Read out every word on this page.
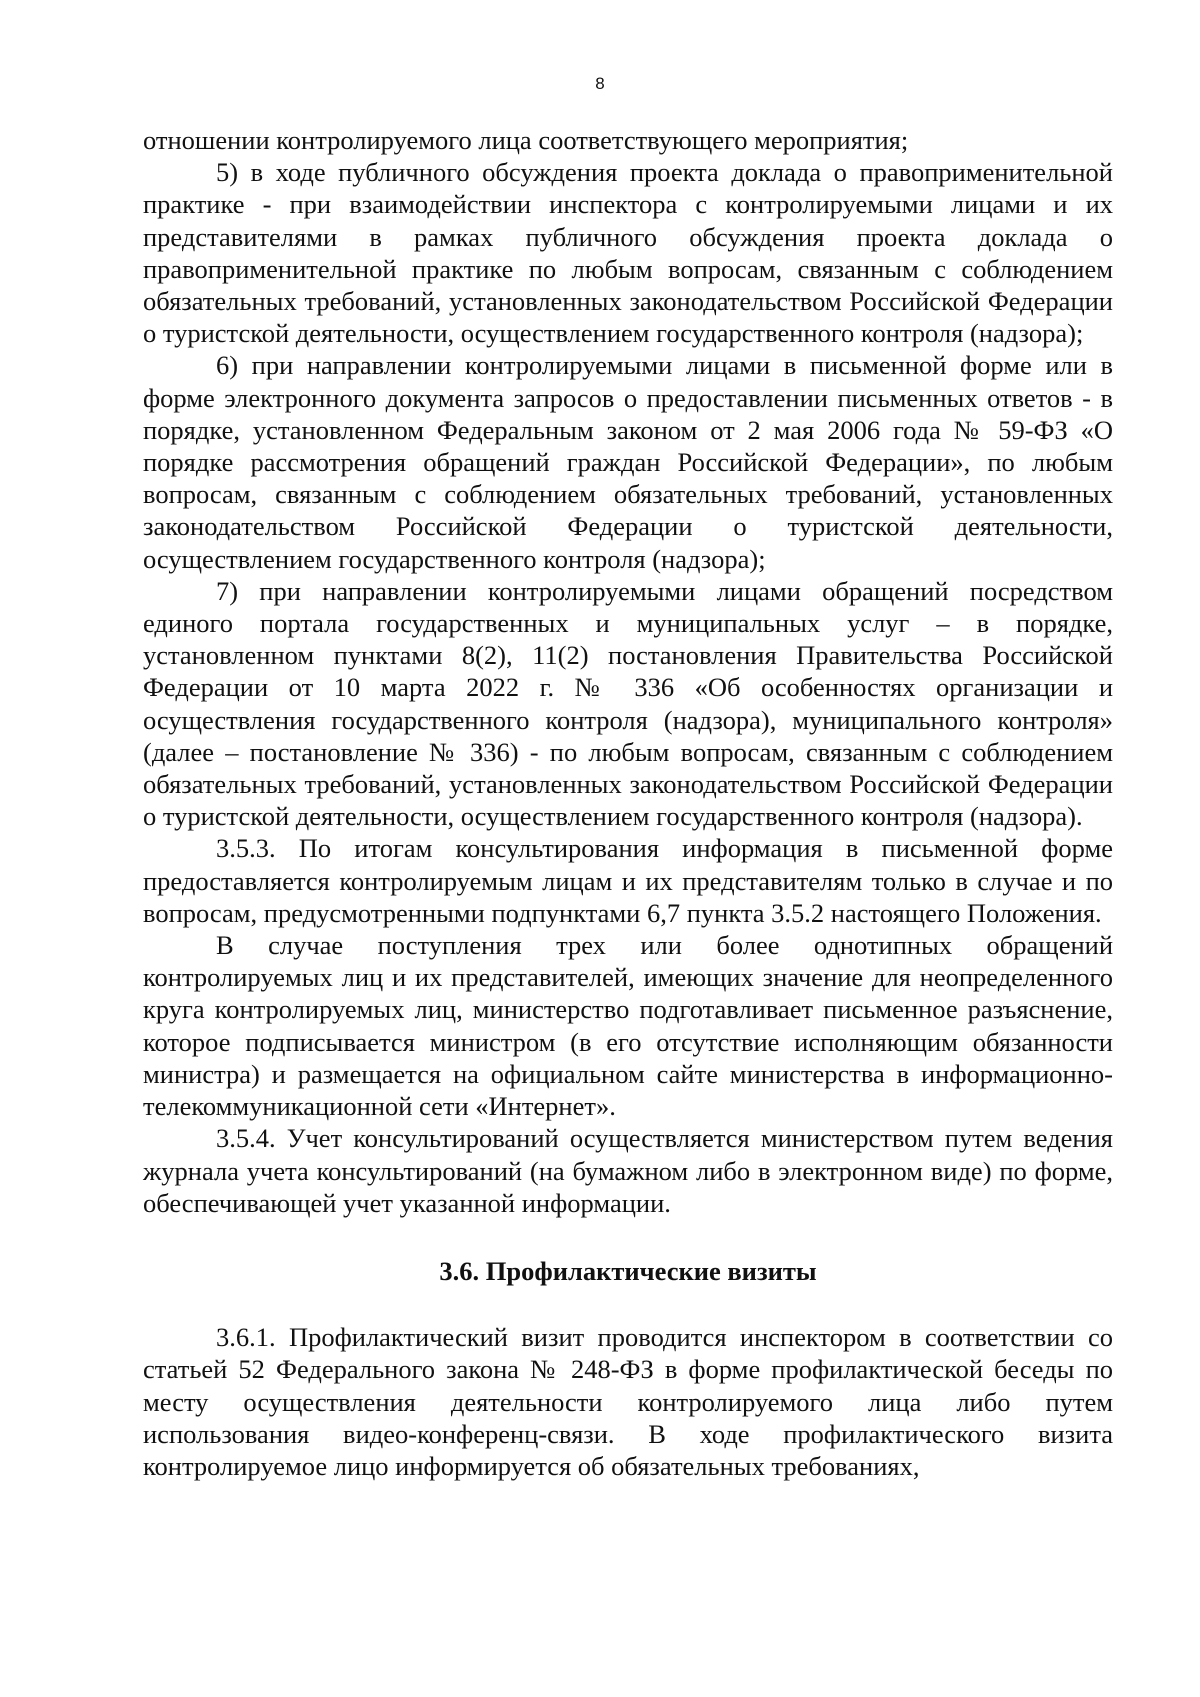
8

отношении контролируемого лица соответствующего мероприятия;

5) в ходе публичного обсуждения проекта доклада о правоприменительной практике - при взаимодействии инспектора с контролируемыми лицами и их представителями в рамках публичного обсуждения проекта доклада о правоприменительной практике по любым вопросам, связанным с соблюдением обязательных требований, установленных законодательством Российской Федерации о туристской деятельности, осуществлением государственного контроля (надзора);

6) при направлении контролируемыми лицами в письменной форме или в форме электронного документа запросов о предоставлении письменных ответов - в порядке, установленном Федеральным законом от 2 мая 2006 года № 59-ФЗ «О порядке рассмотрения обращений граждан Российской Федерации», по любым вопросам, связанным с соблюдением обязательных требований, установленных законодательством Российской Федерации о туристской деятельности, осуществлением государственного контроля (надзора);

7) при направлении контролируемыми лицами обращений посредством единого портала государственных и муниципальных услуг – в порядке, установленном пунктами 8(2), 11(2) постановления Правительства Российской Федерации от 10 марта 2022 г. № 336 «Об особенностях организации и осуществления государственного контроля (надзора), муниципального контроля» (далее – постановление № 336) - по любым вопросам, связанным с соблюдением обязательных требований, установленных законодательством Российской Федерации о туристской деятельности, осуществлением государственного контроля (надзора).

3.5.3. По итогам консультирования информация в письменной форме предоставляется контролируемым лицам и их представителям только в случае и по вопросам, предусмотренными подпунктами 6,7 пункта 3.5.2 настоящего Положения.

В случае поступления трех или более однотипных обращений контролируемых лиц и их представителей, имеющих значение для неопределенного круга контролируемых лиц, министерство подготавливает письменное разъяснение, которое подписывается министром (в его отсутствие исполняющим обязанности министра) и размещается на официальном сайте министерства в информационно-телекоммуникационной сети «Интернет».

3.5.4. Учет консультирований осуществляется министерством путем ведения журнала учета консультирований (на бумажном либо в электронном виде) по форме, обеспечивающей учет указанной информации.

3.6. Профилактические визиты

3.6.1. Профилактический визит проводится инспектором в соответствии со статьей 52 Федерального закона № 248-ФЗ в форме профилактической беседы по месту осуществления деятельности контролируемого лица либо путем использования видео-конференц-связи. В ходе профилактического визита контролируемое лицо информируется об обязательных требованиях,
